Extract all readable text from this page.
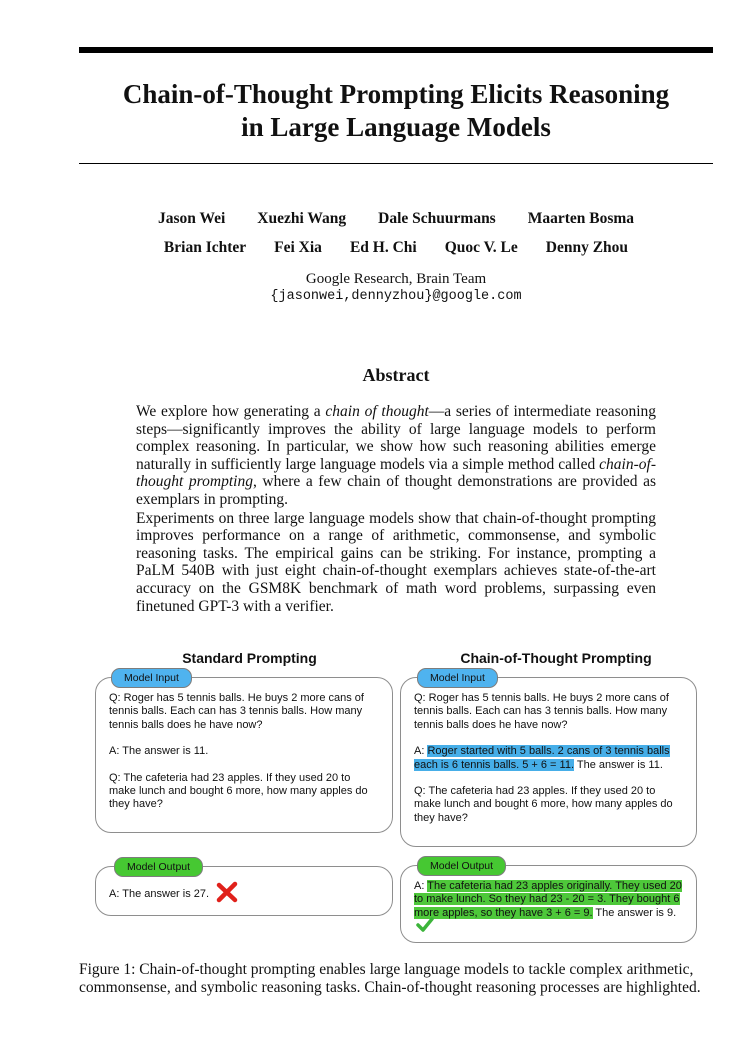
Chain-of-Thought Prompting Elicits Reasoning
in Large Language Models
Jason Wei Xuezhi Wang Dale Schuurmans Maarten Bosma
Brian Ichter Fei Xia Ed H. Chi Quoc V. Le Denny Zhou
Google Research, Brain Team
{jasonwei,dennyzhou}@google.com
Abstract

We explore how generating a chain of thought—a series of intermediate reasoning steps—significantly improves the ability of large language models to perform complex reasoning. In particular, we show how such reasoning abilities emerge naturally in sufficiently large language models via a simple method called chain-of-thought prompting, where a few chain of thought demonstrations are provided as exemplars in prompting.

Experiments on three large language models show that chain-of-thought prompting improves performance on a range of arithmetic, commonsense, and symbolic reasoning tasks. The empirical gains can be striking. For instance, prompting a PaLM 540B with just eight chain-of-thought exemplars achieves state-of-the-art accuracy on the GSM8K benchmark of math word problems, surpassing even finetuned GPT-3 with a verifier.

Standard Prompting	Chain-of-Thought Prompting

Q: Roger has 5 tennis balls. He buys 2 more cans of tennis balls. Each can has 3 tennis balls. How many tennis balls does he have now?

A: The answer is 11.

Q: The cafeteria had 23 apples. If they used 20 to make lunch and bought 6 more, how many apples do they have?

Model Input

Q: Roger has 5 tennis balls. He buys 2 more cans of tennis balls. Each can has 3 tennis balls. How many tennis balls does he have now?

A: Roger started with 5 balls. 2 cans of 3 tennis balls each is 6 tennis balls. 5 + 6 = 11. The answer is 11.

Q: The cafeteria had 23 apples. If they used 20 to make lunch and bought 6 more, how many apples do they have?

Model Input
A: The answer is 27.
Model Output
A: The cafeteria had 23 apples originally. They used 20 to make lunch. So they had 23 - 20 = 3. They bought 6 more apples, so they have 3 + 6 = 9. The answer is 9.
Model Output
Figure 1: Chain-of-thought prompting enables large language models to tackle complex arithmetic, commonsense, and symbolic reasoning tasks. Chain-of-thought reasoning processes are highlighted.
